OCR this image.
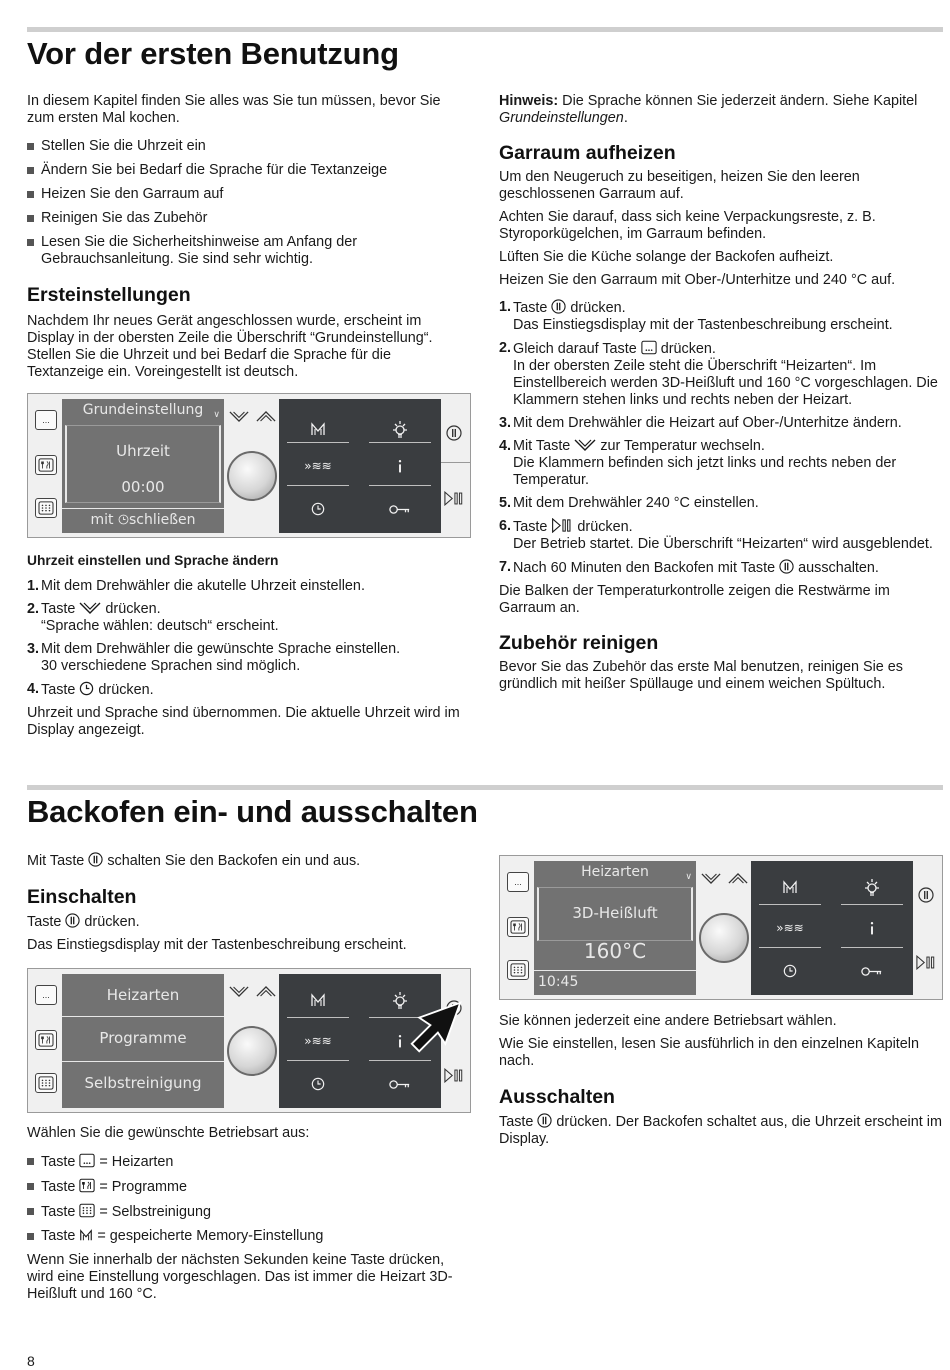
Vor der ersten Benutzung

In diesem Kapitel finden Sie alles was Sie tun müssen, bevor Sie zum ersten Mal kochen.

Stellen Sie die Uhrzeit ein
Ändern Sie bei Bedarf die Sprache für die Textanzeige
Heizen Sie den Garraum auf
Reinigen Sie das Zubehör
Lesen Sie die Sicherheitshinweise am Anfang der Gebrauchsanleitung. Sie sind sehr wichtig.
Ersteinstellungen

Nachdem Ihr neues Gerät angeschlossen wurde, erscheint im Display in der obersten Zeile die Überschrift “Grundeinstellung“. Stellen Sie die Uhrzeit und bei Bedarf die Sprache für die Textanzeige ein. Voreingestellt ist deutsch.

...
Grundeinstellung	∨
Uhrzeit
00:00
mit schließen
»≋≋
Uhrzeit einstellen und Sprache ändern
1. Mit dem Drehwähler die akutelle Uhrzeit einstellen.
2. Taste drücken.
“Sprache wählen: deutsch“ erscheint.
3. Mit dem Drehwähler die gewünschte Sprache einstellen.
30 verschiedene Sprachen sind möglich.
4. Taste drücken.

Uhrzeit und Sprache sind übernommen. Die aktuelle Uhrzeit wird im Display angezeigt.

Hinweis: Die Sprache können Sie jederzeit ändern. Siehe Kapitel Grundeinstellungen.

Garraum aufheizen

Um den Neugeruch zu beseitigen, heizen Sie den leeren geschlossenen Garraum auf.

Achten Sie darauf, dass sich keine Verpackungsreste, z. B. Styroporkügelchen, im Garraum befinden.

Lüften Sie die Küche solange der Backofen aufheizt.

Heizen Sie den Garraum mit Ober-/Unterhitze und 240 °C auf.

1. Taste drücken.
Das Einstiegsdisplay mit der Tastenbeschreibung erscheint.
2. Gleich darauf Taste drücken.
In der obersten Zeile steht die Überschrift “Heizarten“. Im Einstellbereich werden 3D-Heißluft und 160 °C vorgeschlagen. Die Klammern stehen links und rechts neben der Heizart.
3. Mit dem Drehwähler die Heizart auf Ober-/Unterhitze ändern.
4. Mit Taste zur Temperatur wechseln.
Die Klammern befinden sich jetzt links und rechts neben der Temperatur.
5. Mit dem Drehwähler 240 °C einstellen.
6. Taste drücken.
Der Betrieb startet. Die Überschrift “Heizarten“ wird ausgeblendet.
7. Nach 60 Minuten den Backofen mit Taste ausschalten.

Die Balken der Temperaturkontrolle zeigen die Restwärme im Garraum an.

Zubehör reinigen

Bevor Sie das Zubehör das erste Mal benutzen, reinigen Sie es gründlich mit heißer Spüllauge und einem weichen Spültuch.

Backofen ein- und ausschalten

Mit Taste schalten Sie den Backofen ein und aus.

Einschalten

Taste drücken.

Das Einstiegsdisplay mit der Tastenbeschreibung erscheint.

...	Heizarten
Programme
Selbstreinigung
»≋≋

Wählen Sie die gewünschte Betriebsart aus:

Taste = Heizarten
Taste = Programme
Taste = Selbstreinigung
Taste = gespeicherte Memory-Einstellung

Wenn Sie innerhalb der nächsten Sekunden keine Taste drücken, wird eine Einstellung vorgeschlagen. Das ist immer die Heizart 3D-Heißluft und 160 °C.

...
Heizarten	∨
3D-Heißluft
160°C
10:45
»≋≋

Sie können jederzeit eine andere Betriebsart wählen.

Wie Sie einstellen, lesen Sie ausführlich in den einzelnen Kapiteln nach.

Ausschalten

Taste drücken. Der Backofen schaltet aus, die Uhrzeit erscheint im Display.

8
